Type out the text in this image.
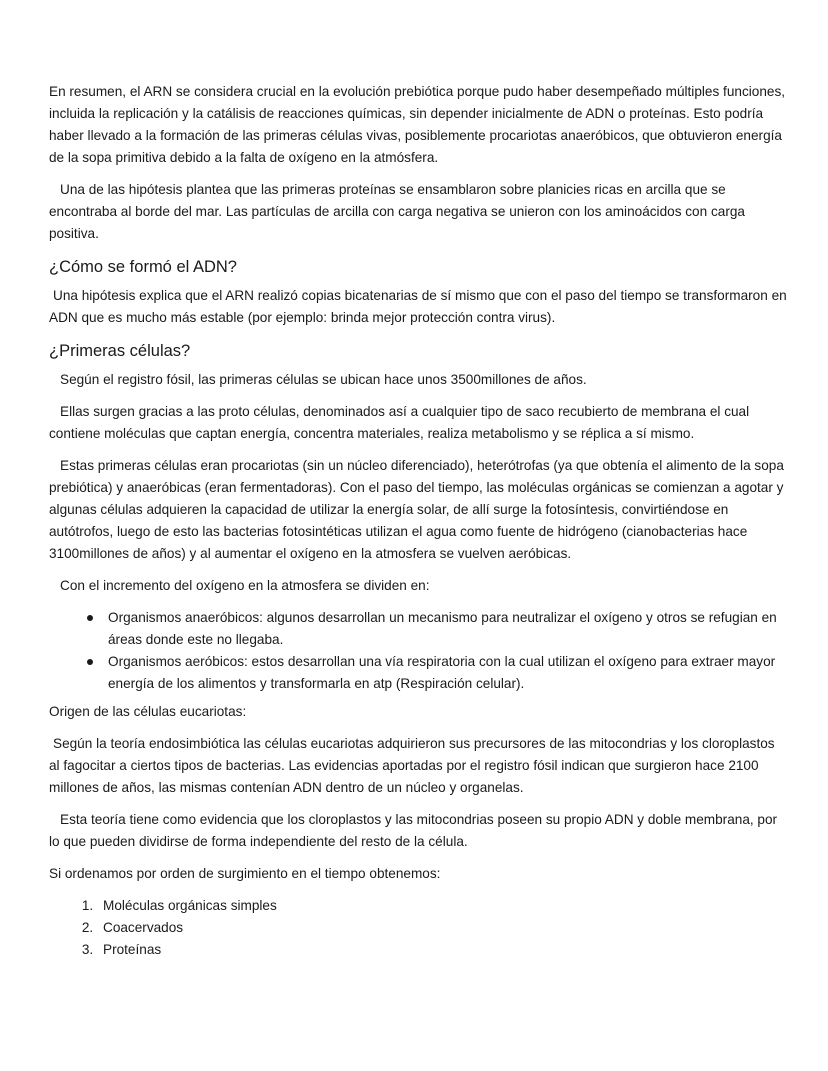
En resumen, el ARN se considera crucial en la evolución prebiótica porque pudo haber desempeñado múltiples funciones, incluida la replicación y la catálisis de reacciones químicas, sin depender inicialmente de ADN o proteínas. Esto podría haber llevado a la formación de las primeras células vivas, posiblemente procariotas anaeróbicos, que obtuvieron energía de la sopa primitiva debido a la falta de oxígeno en la atmósfera.

Una de las hipótesis plantea que las primeras proteínas se ensamblaron sobre planicies ricas en arcilla que se encontraba al borde del mar. Las partículas de arcilla con carga negativa se unieron con los aminoácidos con carga positiva.

¿Cómo se formó el ADN?

Una hipótesis explica que el ARN realizó copias bicatenarias de sí mismo que con el paso del tiempo se transformaron en ADN que es mucho más estable (por ejemplo: brinda mejor protección contra virus).

¿Primeras células?

Según el registro fósil, las primeras células se ubican hace unos 3500millones de años.

Ellas surgen gracias a las proto células, denominados así a cualquier tipo de saco recubierto de membrana el cual contiene moléculas que captan energía, concentra materiales, realiza metabolismo y se réplica a sí mismo.

Estas primeras células eran procariotas (sin un núcleo diferenciado), heterótrofas (ya que obtenía el alimento de la sopa prebiótica) y anaeróbicas (eran fermentadoras). Con el paso del tiempo, las moléculas orgánicas se comienzan a agotar y algunas células adquieren la capacidad de utilizar la energía solar, de allí surge la fotosíntesis, convirtiéndose en autótrofos, luego de esto las bacterias fotosintéticas utilizan el agua como fuente de hidrógeno (cianobacterias hace 3100millones de años) y al aumentar el oxígeno en la atmosfera se vuelven aeróbicas.

Con el incremento del oxígeno en la atmosfera se dividen en:

Organismos anaeróbicos: algunos desarrollan un mecanismo para neutralizar el oxígeno y otros se refugian en áreas donde este no llegaba.
Organismos aeróbicos: estos desarrollan una vía respiratoria con la cual utilizan el oxígeno para extraer mayor energía de los alimentos y transformarla en atp (Respiración celular).

Origen de las células eucariotas:

Según la teoría endosimbiótica las células eucariotas adquirieron sus precursores de las mitocondrias y los cloroplastos al fagocitar a ciertos tipos de bacterias. Las evidencias aportadas por el registro fósil indican que surgieron hace 2100 millones de años, las mismas contenían ADN dentro de un núcleo y organelas.

Esta teoría tiene como evidencia que los cloroplastos y las mitocondrias poseen su propio ADN y doble membrana, por lo que pueden dividirse de forma independiente del resto de la célula.

Si ordenamos por orden de surgimiento en el tiempo obtenemos:

1. Moléculas orgánicas simples
2. Coacervados
3. Proteínas
